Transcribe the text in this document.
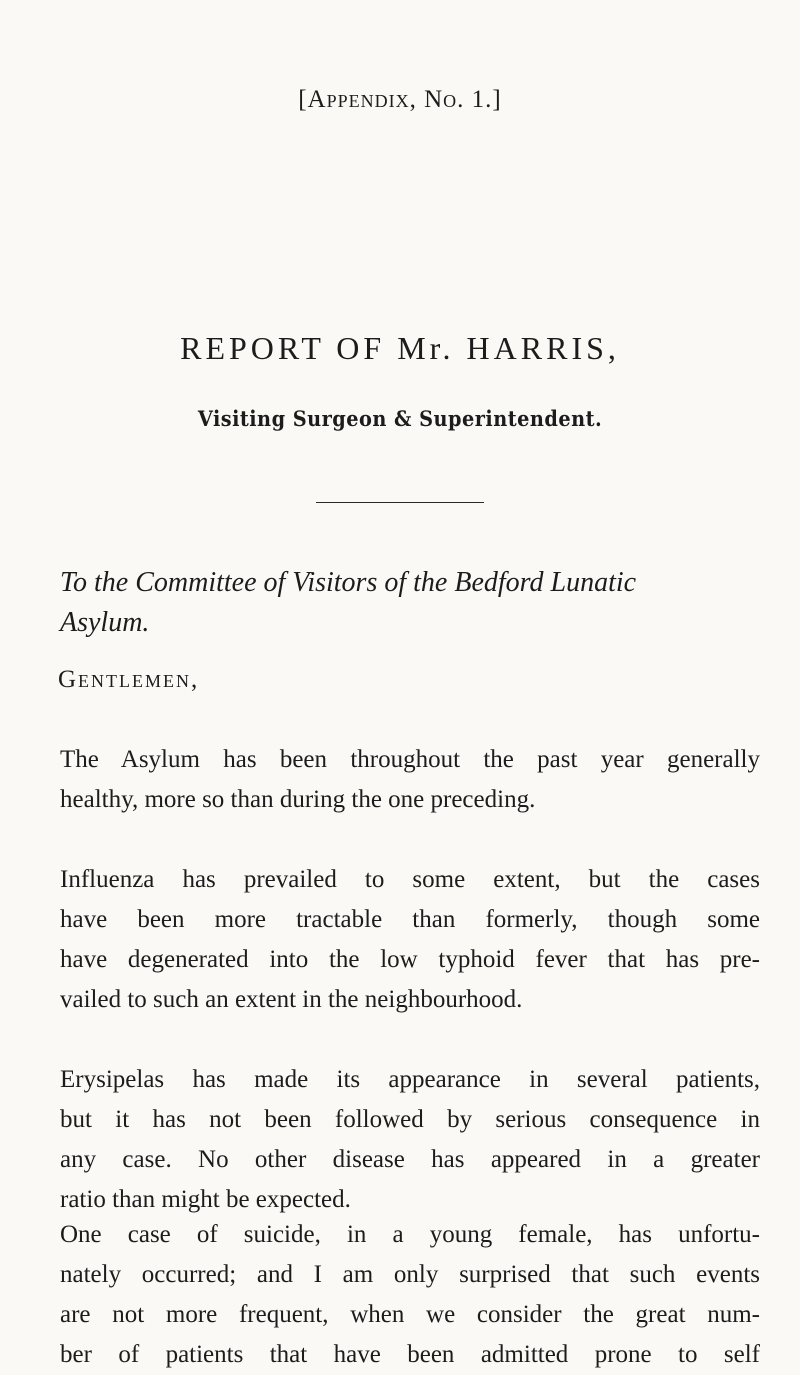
[Appendix, No. 1.]
REPORT OF Mr. HARRIS,
Visiting Surgeon & Superintendent.
To the Committee of Visitors of the Bedford Lunatic
Asylum.
Gentlemen,
The Asylum has been throughout the past year generally
healthy, more so than during the one preceding.
Influenza has prevailed to some extent, but the cases
have been more tractable than formerly, though some
have degenerated into the low typhoid fever that has pre-
vailed to such an extent in the neighbourhood.
Erysipelas has made its appearance in several patients,
but it has not been followed by serious consequence in
any case. No other disease has appeared in a greater
ratio than might be expected.
One case of suicide, in a young female, has unfortu-
nately occurred; and I am only surprised that such events
are not more frequent, when we consider the great num-
ber of patients that have been admitted prone to self
